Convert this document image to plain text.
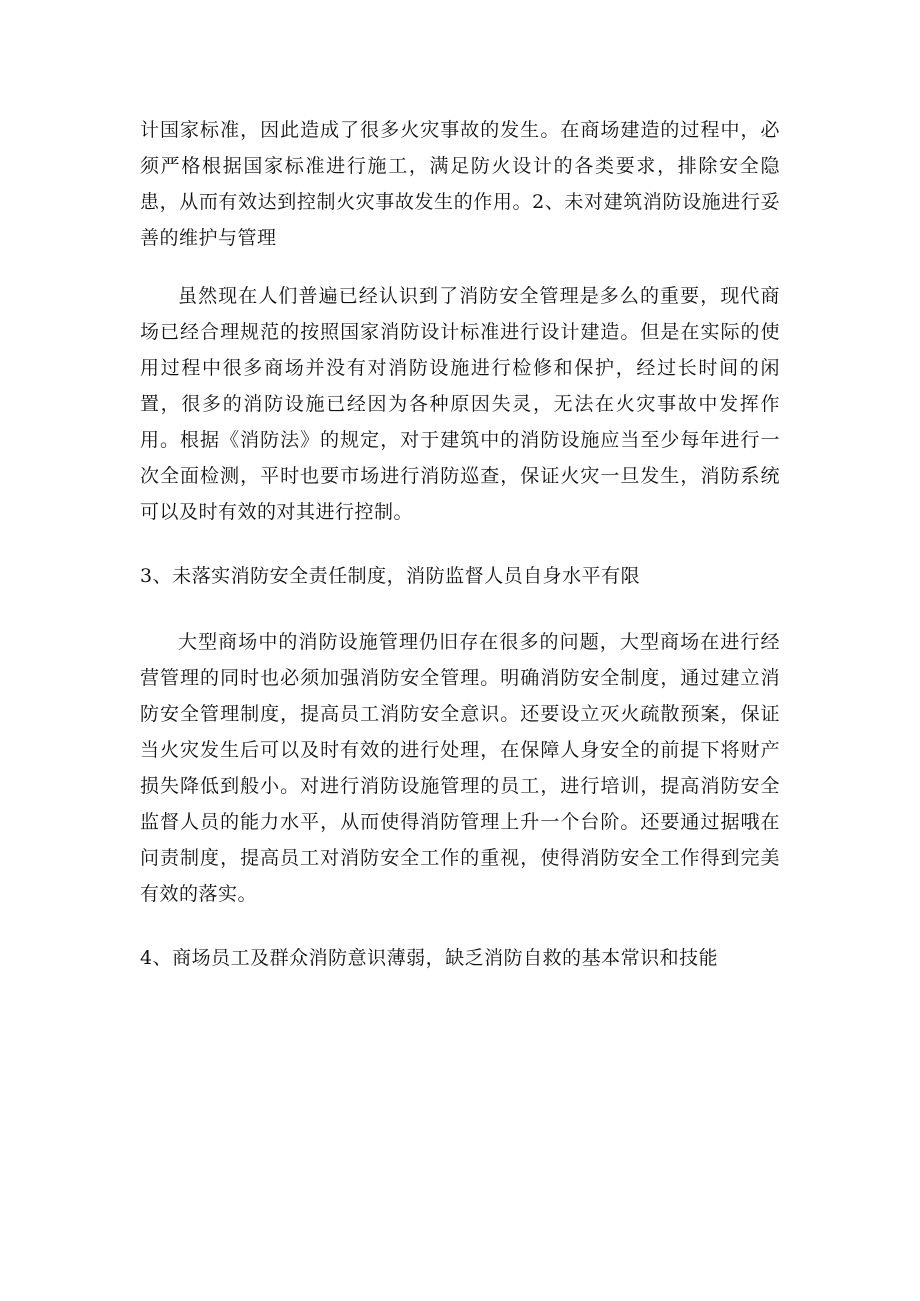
计国家标准，因此造成了很多火灾事故的发生。在商场建造的过程中，必须严格根据国家标准进行施工，满足防火设计的各类要求，排除安全隐患，从而有效达到控制火灾事故发生的作用。2、未对建筑消防设施进行妥善的维护与管理

虽然现在人们普遍已经认识到了消防安全管理是多么的重要，现代商场已经合理规范的按照国家消防设计标准进行设计建造。但是在实际的使用过程中很多商场并没有对消防设施进行检修和保护，经过长时间的闲置，很多的消防设施已经因为各种原因失灵，无法在火灾事故中发挥作用。根据《消防法》的规定，对于建筑中的消防设施应当至少每年进行一次全面检测，平时也要市场进行消防巡查，保证火灾一旦发生，消防系统可以及时有效的对其进行控制。

3、未落实消防安全责任制度，消防监督人员自身水平有限

大型商场中的消防设施管理仍旧存在很多的问题，大型商场在进行经营管理的同时也必须加强消防安全管理。明确消防安全制度，通过建立消防安全管理制度，提高员工消防安全意识。还要设立灭火疏散预案，保证当火灾发生后可以及时有效的进行处理，在保障人身安全的前提下将财产损失降低到般小。对进行消防设施管理的员工，进行培训，提高消防安全监督人员的能力水平，从而使得消防管理上升一个台阶。还要通过据哦在问责制度，提高员工对消防安全工作的重视，使得消防安全工作得到完美有效的落实。

4、商场员工及群众消防意识薄弱，缺乏消防自救的基本常识和技能
